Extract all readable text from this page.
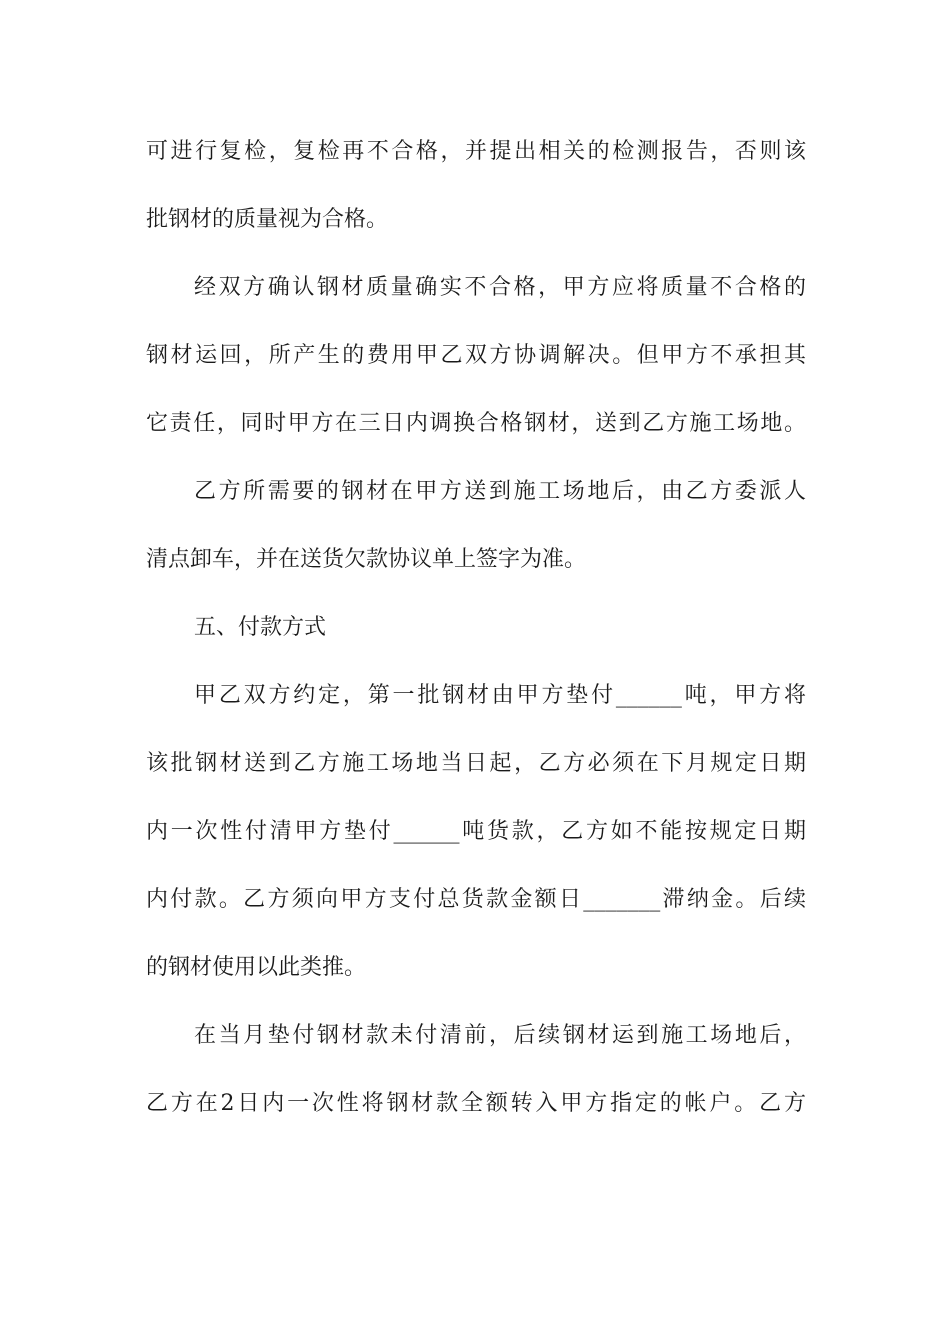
可进行复检，复检再不合格，并提出相关的检测报告，否则该
批钢材的质量视为合格。
经双方确认钢材质量确实不合格，甲方应将质量不合格的
钢材运回，所产生的费用甲乙双方协调解决。但甲方不承担其
它责任，同时甲方在三日内调换合格钢材，送到乙方施工场地。
乙方所需要的钢材在甲方送到施工场地后，由乙方委派人
清点卸车，并在送货欠款协议单上签字为准。
五、付款方式
甲乙双方约定，第一批钢材由甲方垫付______吨，甲方将
该批钢材送到乙方施工场地当日起，乙方必须在下月规定日期
内一次性付清甲方垫付______吨货款，乙方如不能按规定日期
内付款。乙方须向甲方支付总货款金额日_______滞纳金。后续
的钢材使用以此类推。
在当月垫付钢材款未付清前，后续钢材运到施工场地后，
乙方在2日内一次性将钢材款全额转入甲方指定的帐户。乙方
